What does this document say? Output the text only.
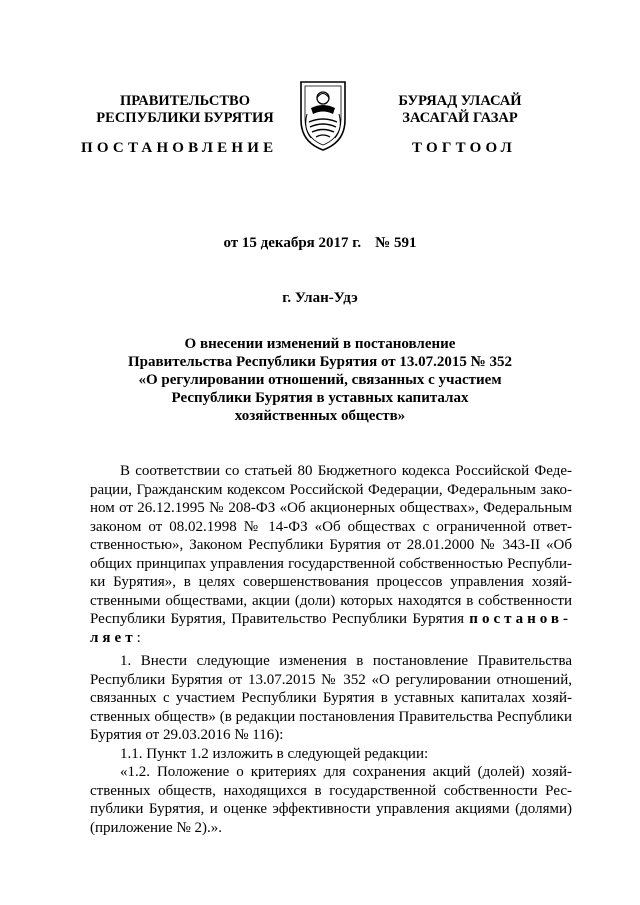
ПРАВИТЕЛЬСТВО
РЕСПУБЛИКИ БУРЯТИЯ
БУРЯАД УЛАСАЙ
ЗАСАГАЙ ГАЗАР
ПОСТАНОВЛЕНИЕ	ТОГТООЛ
от 15 декабря 2017 г. № 591
г. Улан-Удэ
О внесении изменений в постановление
Правительства Республики Бурятия от 13.07.2015 № 352
«О регулировании отношений, связанных с участием
Республики Бурятия в уставных капиталах
хозяйственных обществ»
В соответствии со статьей 80 Бюджетного кодекса Российской Феде-
рации, Гражданским кодексом Российской Федерации, Федеральным зако-
ном от 26.12.1995 № 208-ФЗ «Об акционерных обществах», Федеральным
законом от 08.02.1998 № 14-ФЗ «Об обществах с ограниченной ответ-
ственностью», Законом Республики Бурятия от 28.01.2000 № 343-II «Об
общих принципах управления государственной собственностью Республи-
ки Бурятия», в целях совершенствования процессов управления хозяй-
ственными обществами, акции (доли) которых находятся в собственности
Республики Бурятия, Правительство Республики Бурятия постанов-
ляет:
1. Внести следующие изменения в постановление Правительства
Республики Бурятия от 13.07.2015 № 352 «О регулировании отношений,
связанных с участием Республики Бурятия в уставных капиталах хозяй-
ственных обществ» (в редакции постановления Правительства Республики
Бурятия от 29.03.2016 № 116):
1.1. Пункт 1.2 изложить в следующей редакции:
«1.2. Положение о критериях для сохранения акций (долей) хозяй-
ственных обществ, находящихся в государственной собственности Рес-
публики Бурятия, и оценке эффективности управления акциями (долями)
(приложение № 2).».
